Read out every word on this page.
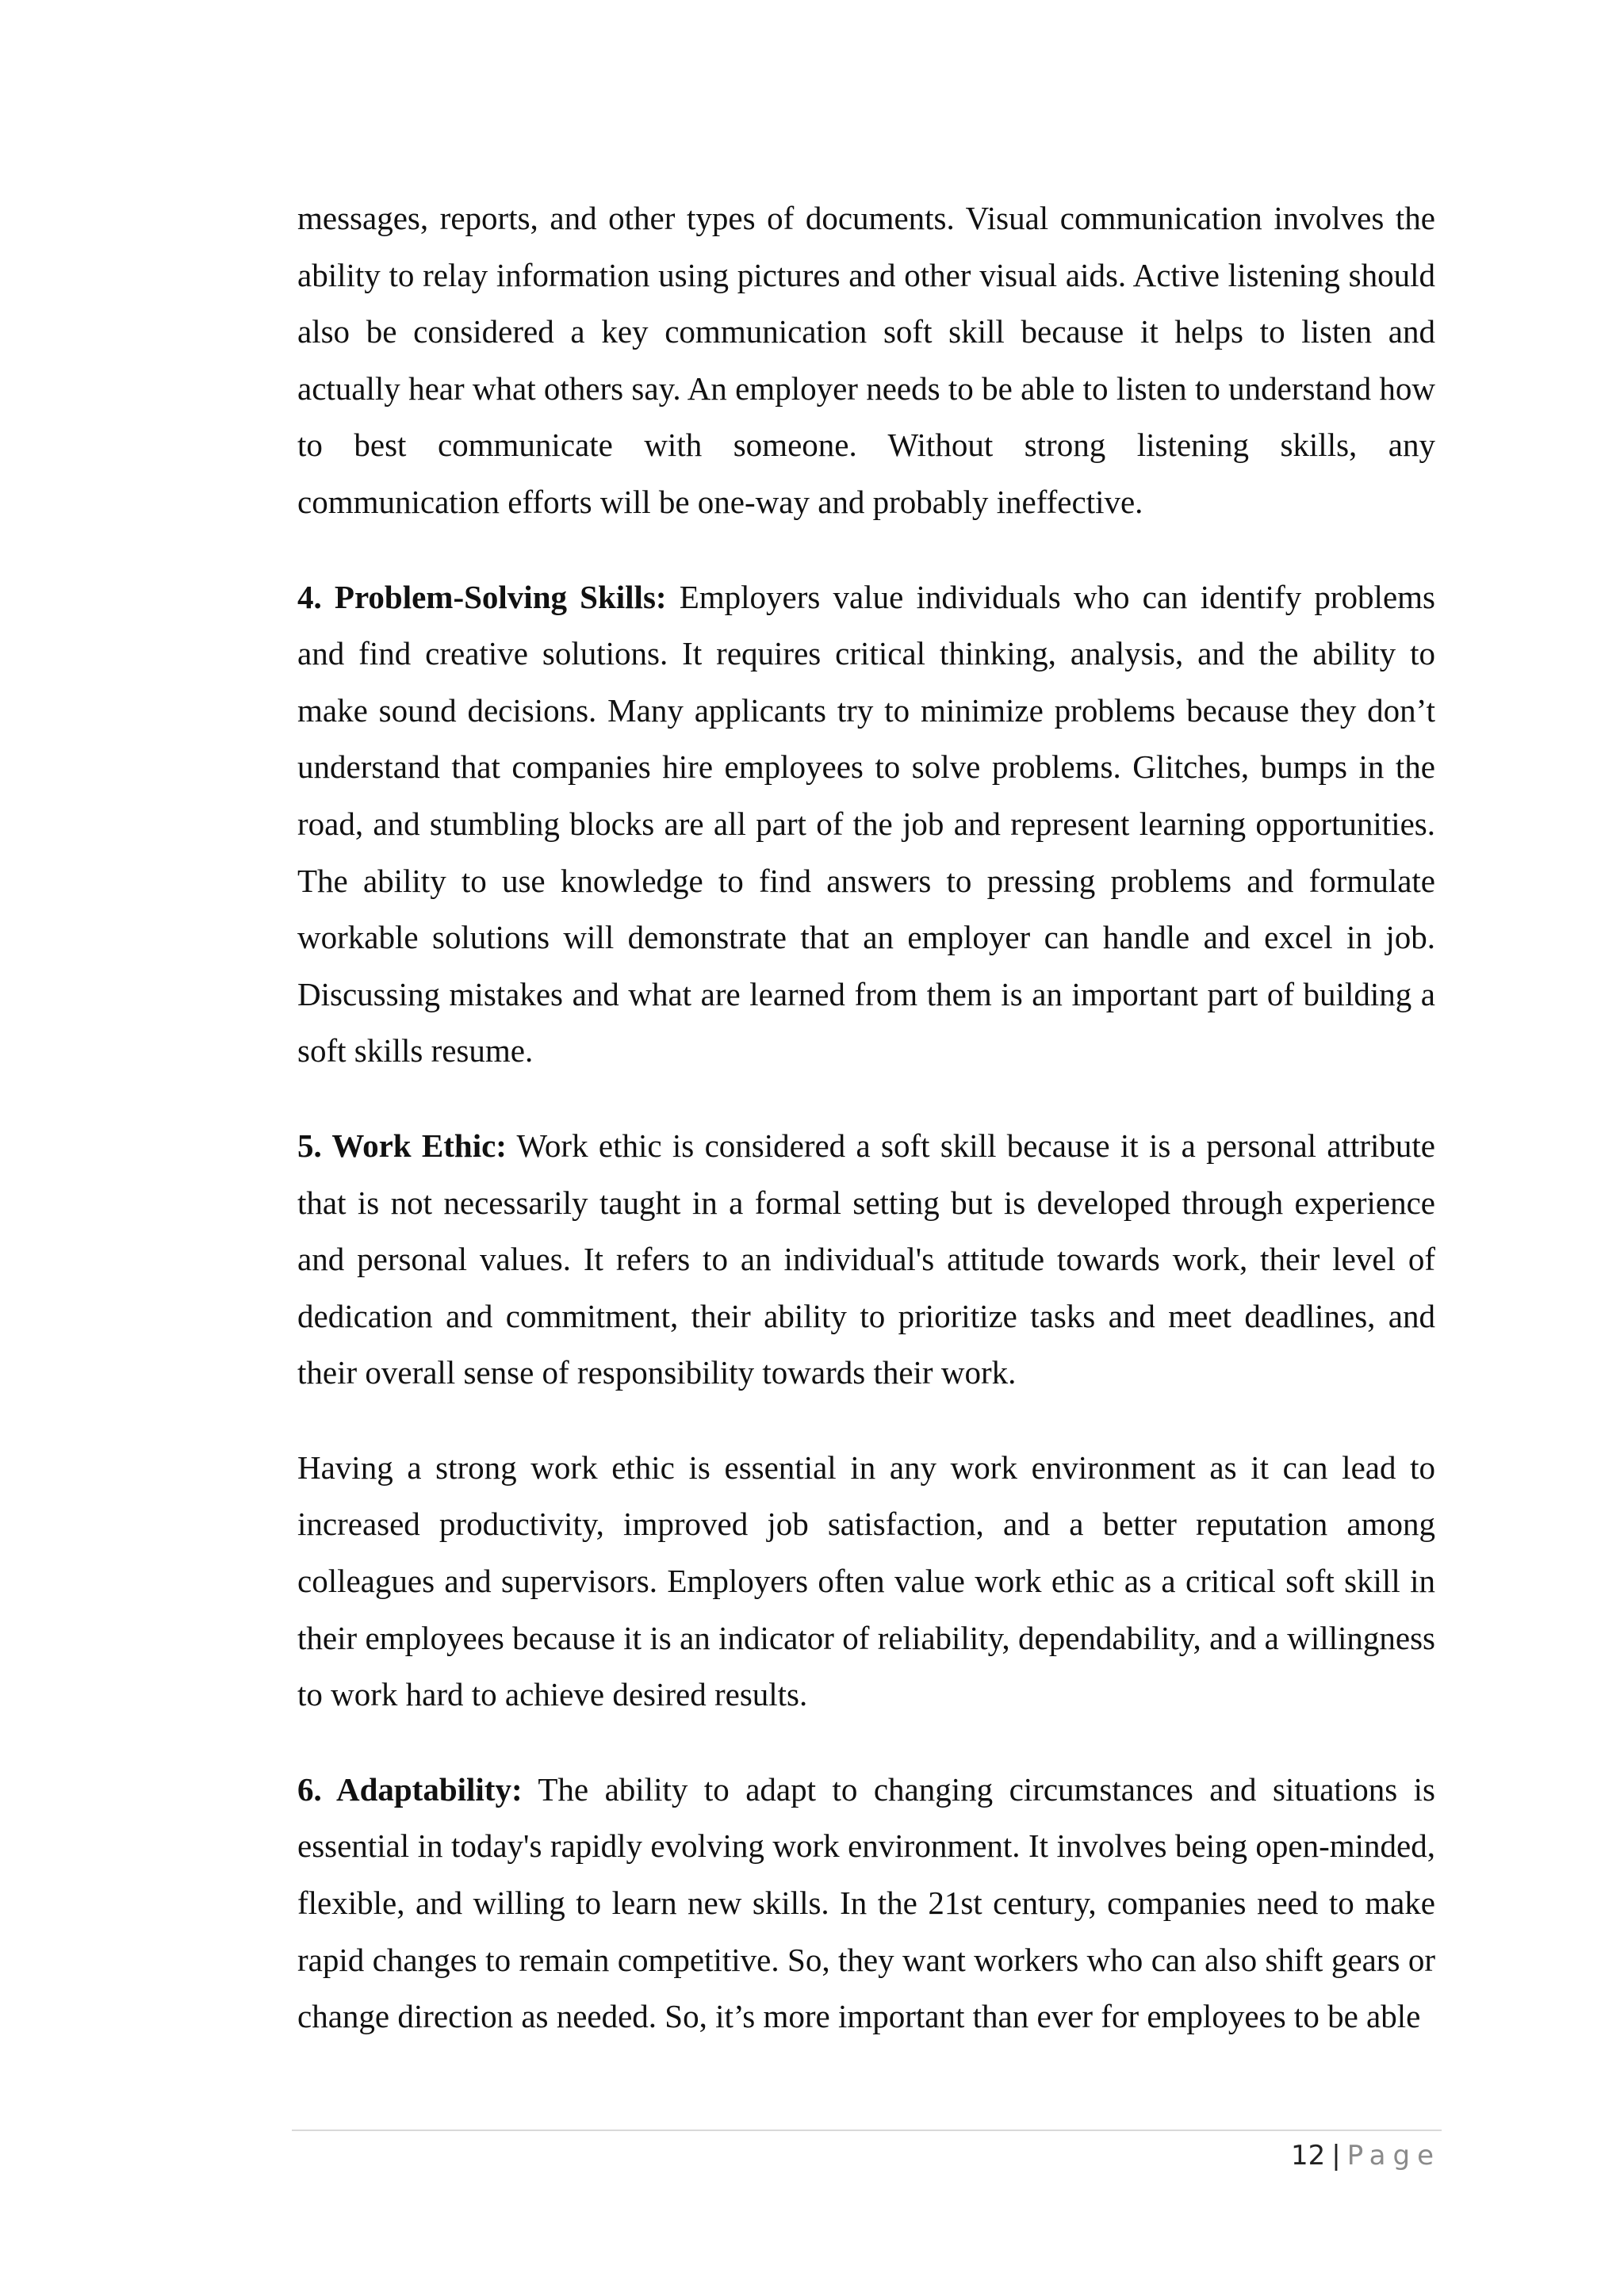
messages, reports, and other types of documents. Visual communication involves the ability to relay information using pictures and other visual aids. Active listening should also be considered a key communication soft skill because it helps to listen and actually hear what others say. An employer needs to be able to listen to understand how to best communicate with someone. Without strong listening skills, any communication efforts will be one-way and probably ineffective.

4. Problem-Solving Skills: Employers value individuals who can identify problems and find creative solutions. It requires critical thinking, analysis, and the ability to make sound decisions. Many applicants try to minimize problems because they don’t understand that companies hire employees to solve problems. Glitches, bumps in the road, and stumbling blocks are all part of the job and represent learning opportunities. The ability to use knowledge to find answers to pressing problems and formulate workable solutions will demonstrate that an employer can handle and excel in job. Discussing mistakes and what are learned from them is an important part of building a soft skills resume.

5. Work Ethic: Work ethic is considered a soft skill because it is a personal attribute that is not necessarily taught in a formal setting but is developed through experience and personal values. It refers to an individual's attitude towards work, their level of dedication and commitment, their ability to prioritize tasks and meet deadlines, and their overall sense of responsibility towards their work.

Having a strong work ethic is essential in any work environment as it can lead to increased productivity, improved job satisfaction, and a better reputation among colleagues and supervisors. Employers often value work ethic as a critical soft skill in their employees because it is an indicator of reliability, dependability, and a willingness to work hard to achieve desired results.

6. Adaptability: The ability to adapt to changing circumstances and situations is essential in today's rapidly evolving work environment. It involves being open-minded, flexible, and willing to learn new skills. In the 21st century, companies need to make rapid changes to remain competitive. So, they want workers who can also shift gears or change direction as needed. So, it’s more important than ever for employees to be able

12 | Page
